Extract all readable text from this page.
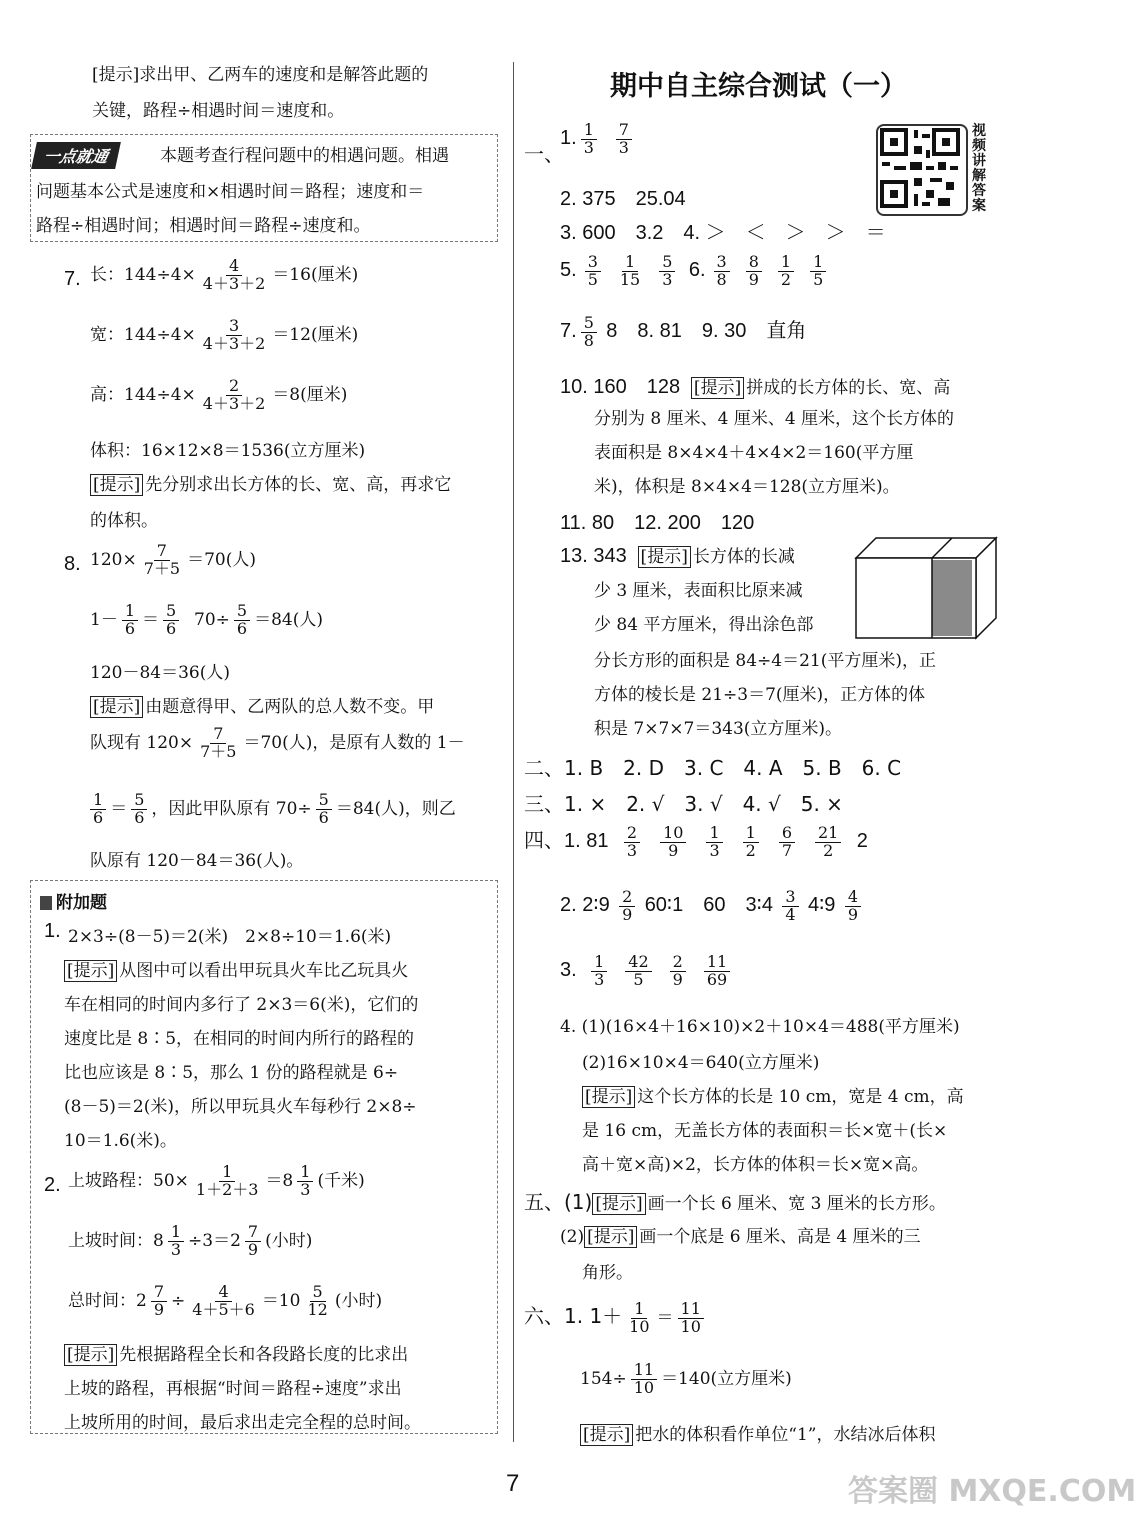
[提示]求出甲、乙两车的速度和是解答此题的
关键，路程÷相遇时间＝速度和。
一点就通	本题考查行程问题中的相遇问题。相遇
问题基本公式是速度和×相遇时间＝路程；速度和＝
路程÷相遇时间；相遇时间＝路程÷速度和。
7. 长：$144\div 4\times \frac{4}{4+3+2} =16$(厘米)
宽：$144\div 4\times \frac{3}{4+3+2} =12$(厘米)
高：$144\div 4\times \frac{2}{4+3+2} =8$(厘米)
体积：16×12×8＝1536(立方厘米)
[提示] 先分别求出长方体的长、宽、高，再求它
的体积。
8. $120\times \frac{7}{7+5} =70$(人)
$1- \frac{1}{6} = \frac{5}{6} 70\div \frac{5}{6} =84$(人)
120－84＝36(人)
[提示] 由题意得甲、乙两队的总人数不变。甲
队现有 $120\times \frac{7}{7+5} =70$(人)，是原有人数的 1－
$\frac{1}{6} = \frac{5}{6}$ ，因此甲队原有 $70\div \frac{5}{6} =84$(人)，则乙
队原有 120－84＝36(人)。
附加题
1. 2×3÷(8－5)＝2(米)　2×8÷10＝1.6(米)
[提示] 从图中可以看出甲玩具火车比乙玩具火
车在相同的时间内多行了 2×3＝6(米)，它们的
速度比是 8∶5，在相同的时间内所行的路程的
比也应该是 8∶5，那么 1 份的路程就是 6÷
(8－5)＝2(米)，所以甲玩具火车每秒行 2×8÷
10＝1.6(米)。
2. 上坡路程：$50\times \frac{1}{1+2+3} =8 \frac{1}{3}$ (千米)
上坡时间：$8 \frac{1}{3} \div 3=2 \frac{7}{9}$ (小时)
总时间：$2 \frac{7}{9} \div \frac{4}{4+5+6} =10 \frac{5}{12}$ (小时)
[提示] 先根据路程全长和各段路长度的比求出
上坡的路程，再根据“时间＝路程÷速度”求出
上坡所用的时间，最后求出走完全程的总时间。
期中自主综合测试（一）
视频讲解答案
一、
1. $\frac{1}{3}$
$\frac{7}{3}$
2. 375　25.04
3. 600　3.2　4. ＞　＜　＞　＞　＝
5. $\frac{3}{5} \frac{1}{15} \frac{5}{3} 6$. $\frac{3}{8} \frac{8}{9} \frac{1}{2} \frac{1}{5}$
7. $\frac{5}{8} 8$　8. 81　9. 30　直角
10. 160　128 [提示] 拼成的长方体的长、宽、高
分别为 8 厘米、4 厘米、4 厘米，这个长方体的
表面积是 8×4×4＋4×4×2＝160(平方厘
米)，体积是 8×4×4＝128(立方厘米)。
11. 80　12. 200　120
13. 343 [提示] 长方体的长减
少 3 厘米，表面积比原来减
少 84 平方厘米，得出涂色部
分长方形的面积是 84÷4＝21(平方厘米)，正
方体的棱长是 21÷3＝7(厘米)，正方体的体
积是 7×7×7＝343(立方厘米)。
二、1. B　2. D　3. C　4. A　5. B　6. C
三、1. ×　2. √　3. √　4. √　5. ×
四、1. $81 \frac{2}{3} \frac{10}{9} \frac{1}{3} \frac{1}{2} \frac{6}{7} \frac{21}{2} 2$
2. 2∶9 $\frac{2}{9}$ 60∶1　60　3∶4 $\frac{3}{4}$ 4∶9 $\frac{4}{9}$
3. $\frac{1}{3} \frac{42}{5} \frac{2}{9} \frac{11}{69}$
4. (1)(16×4＋16×10)×2＋10×4＝488(平方厘米)
(2)16×10×4＝640(立方厘米)
[提示] 这个长方体的长是 10 cm，宽是 4 cm，高
是 16 cm，无盖长方体的表面积＝长×宽＋(长×
高＋宽×高)×2，长方体的体积＝长×宽×高。
五、(1) [提示] 画一个长 6 厘米、宽 3 厘米的长方形。
(2) [提示] 画一个底是 6 厘米、高是 4 厘米的三
角形。
六、1. $1+ \frac{1}{10} = \frac{11}{10}$
$154\div \frac{11}{10} =140$(立方厘米)
[提示] 把水的体积看作单位“1”，水结冰后体积
7	答案圈 MXQE.COM
